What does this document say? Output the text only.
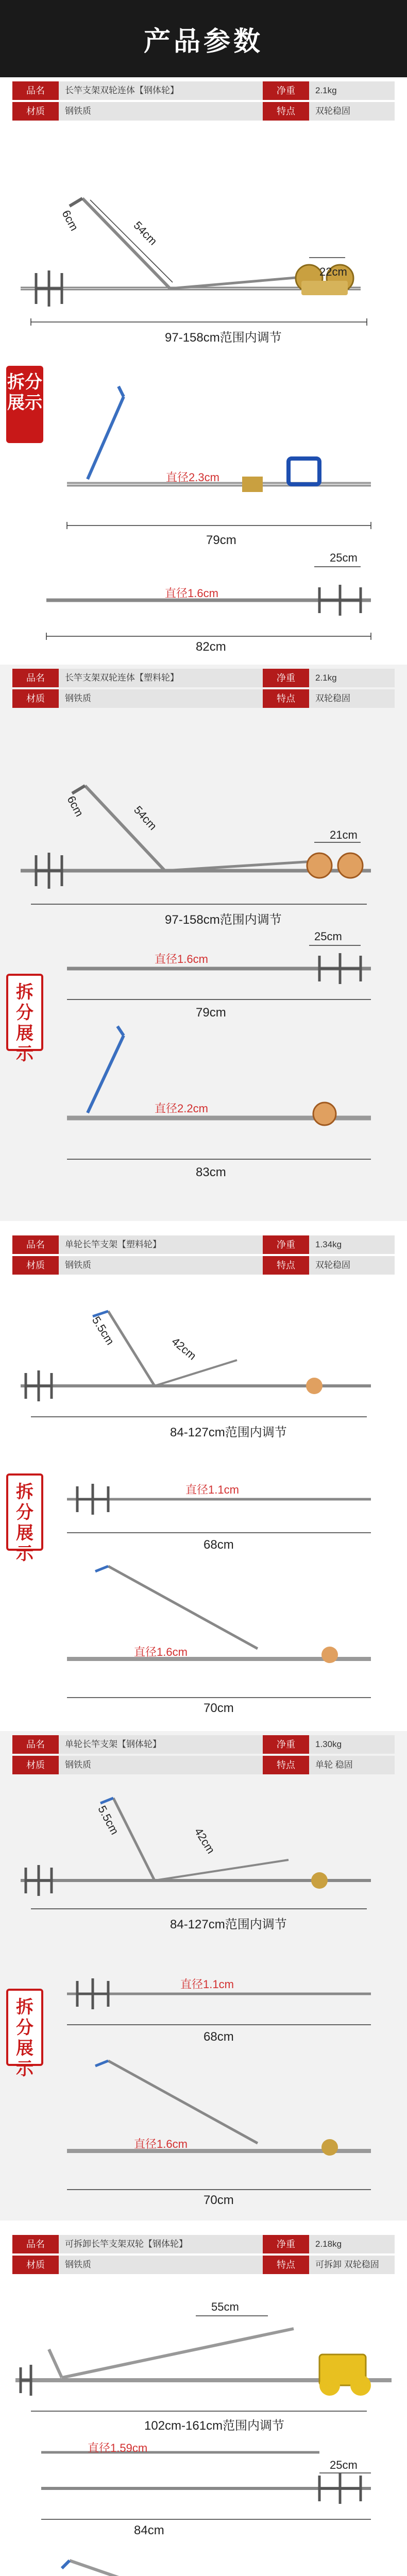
产品参数
品名	长竿支架双轮连体【钢体轮】	净重	2.1kg
材质	钢铁质	特点	双轮稳固
6cm	54cm
22cm
97-158cm范围内调节
拆分展示
直径2.3cm
79cm
25cm
直径1.6cm
82cm
品名	长竿支架双轮连体【塑料轮】	净重	2.1kg
材质	钢铁质	特点	双轮稳固
6cm	54cm
21cm
97-158cm范围内调节
拆分展示
25cm
直径1.6cm
79cm
直径2.2cm
83cm
品名	单轮长竿支架【塑料轮】	净重	1.34kg
材质	钢铁质	特点	双轮稳固
5.5cm
42cm
84-127cm范围内调节
拆分展示
直径1.1cm
68cm
直径1.6cm
70cm
品名	单轮长竿支架【钢体轮】	净重	1.30kg
材质	钢铁质	特点	单轮 稳固
5.5cm
42cm
84-127cm范围内调节
拆分展示
直径1.1cm
68cm
直径1.6cm
70cm
品名	可拆卸长竿支架双轮【钢体轮】	净重	2.18kg
材质	钢铁质	特点	可拆卸 双轮稳固
55cm
102cm-161cm范围内调节
直径1.59cm
25cm
84cm
